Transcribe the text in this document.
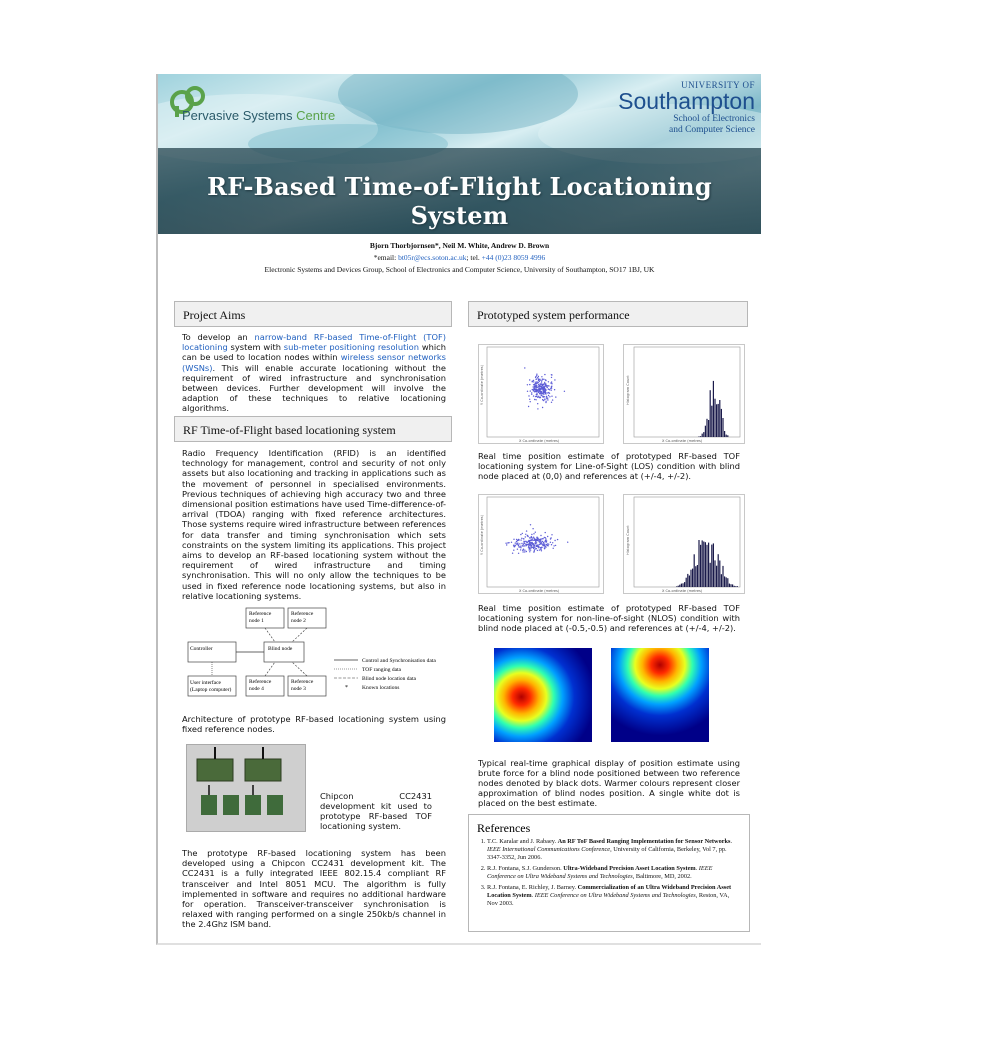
Pervasive Systems Centre
UNIVERSITY OF
Southampton
School of Electronics
and Computer Science
RF-Based Time-of-Flight Locationing System
Bjorn Thorbjornsen*, Neil M. White, Andrew D. Brown
*email: bt05r@ecs.soton.ac.uk; tel. +44 (0)23 8059 4996
Electronic Systems and Devices Group, School of Electronics and Computer Science, University of Southampton, SO17 1BJ, UK
Project Aims
To develop an narrow-band RF-based Time-of-Flight (TOF) locationing system with sub-meter positioning resolution which can be used to location nodes within wireless sensor networks (WSNs). This will enable accurate locationing without the requirement of wired infrastructure and synchronisation between devices. Further development will involve the adaption of these techniques to relative locationing algorithms.
RF Time-of-Flight based locationing system
Radio Frequency Identification (RFID) is an identified technology for management, control and security of not only assets but also locationing and tracking in applications such as the movement of personnel in specialised environments. Previous techniques of achieving high accuracy two and three dimensional position estimations have used Time-difference-of-arrival (TDOA) ranging with fixed reference architectures. Those systems require wired infrastructure between references for data transfer and timing synchronisation which sets constraints on the system limiting its applications. This project aims to develop an RF-based locationing system without the requirement of wired infrastructure and timing synchronisation. This will no only allow the techniques to be used in fixed reference node locationing systems, but also in relative locationing systems.
Reference
node 1
Reference
node 2
Controller	Blind node
User interface
(Laptop computer)
Reference
node 4
Reference
node 3
Control and Synchronisation data
TOF ranging data
Blind node location data
*	Known locations
Architecture of prototype RF-based locationing system using fixed reference nodes.
Chipcon CC2431 development kit used to prototype RF-based TOF locationing system.
The prototype RF-based locationing system has been developed using a Chipcon CC2431 development kit. The CC2431 is a fully integrated IEEE 802.15.4 compliant RF transceiver and Intel 8051 MCU. The algorithm is fully implemented in software and requires no additional hardware for operation. Transceiver-transceiver synchronisation is relaxed with ranging performed on a single 250kb/s channel in the 2.4Ghz ISM band.
Prototyped system performance
X Co-ordinate (metres)
Y Co-ordinate (metres)
X Co-ordinate (metres)
Histogram Count
Real time position estimate of prototyped RF-based TOF locationing system for Line-of-Sight (LOS) condition with blind node placed at (0,0) and references at (+/-4, +/-2).
X Co-ordinate (metres)
Y Co-ordinate (metres)
X Co-ordinate (metres)
Histogram Count
Real time position estimate of prototyped RF-based TOF locationing system for non-line-of-sight (NLOS) condition with blind node placed at (-0.5,-0.5) and references at (+/-4, +/-2).
Typical real-time graphical display of position estimate using brute force for a blind node positioned between two reference nodes denoted by black dots. Warmer colours represent closer approximation of blind nodes position. A single white dot is placed on the best estimate.
References
1. T.C. Karalar and J. Rabaey. An RF ToF Based Ranging Implementation for Sensor Networks. IEEE International Communications Conference, University of California, Berkeley, Vol 7, pp. 3347-3352, Jun 2006.
2. R.J. Fontana, S.J. Gunderson. Ultra-Wideband Precision Asset Location System. IEEE Conference on Ultra Wideband Systems and Technologies, Baltimore, MD, 2002.
3. R.J. Fontana, E. Richley, J. Barney. Commercialization of an Ultra Wideband Precision Asset Location System. IEEE Conference on Ultra Wideband Systems and Technologies, Reston, VA, Nov 2003.
